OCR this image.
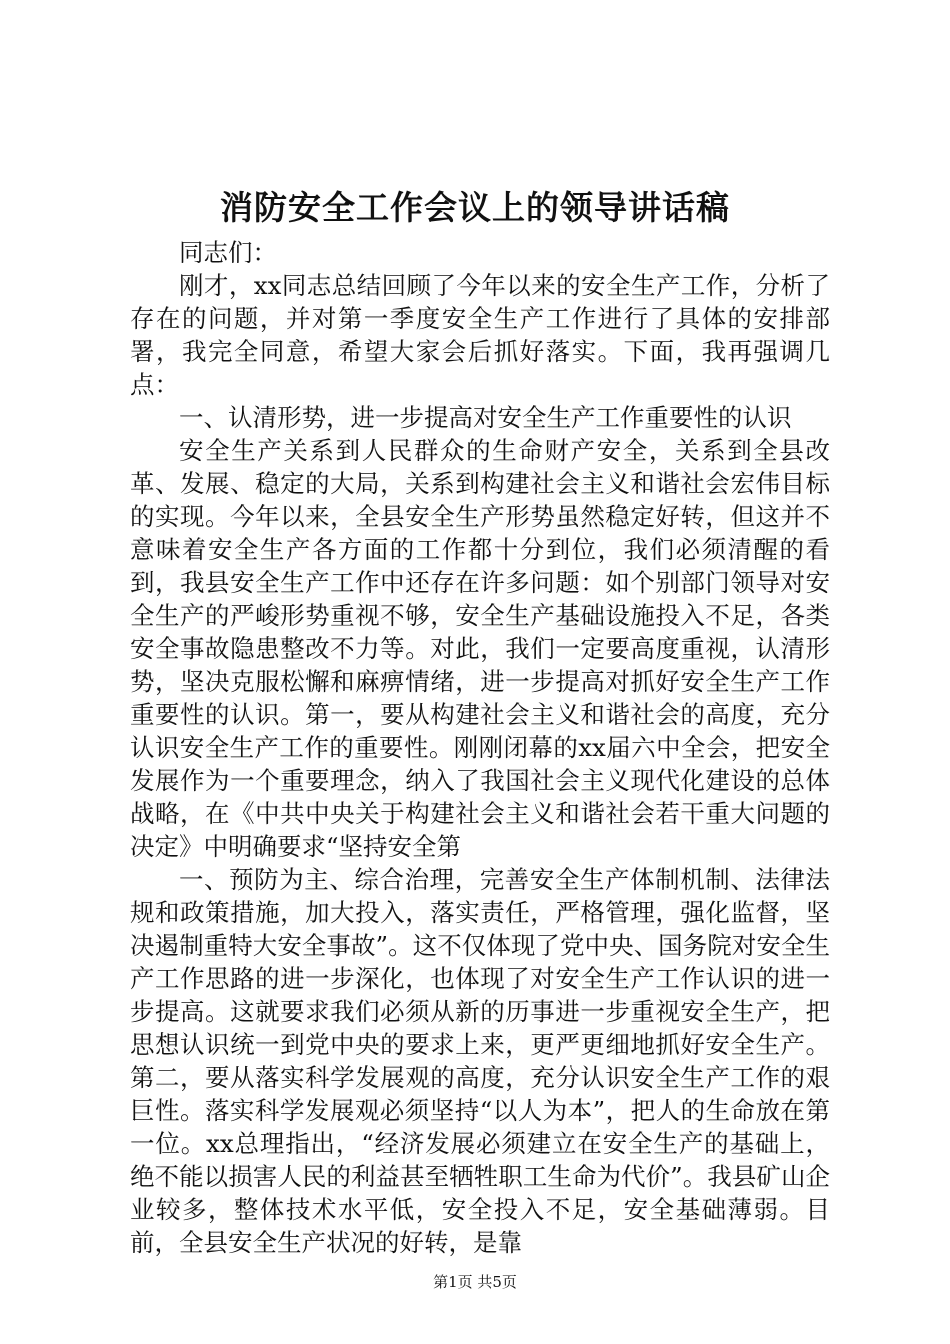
消防安全工作会议上的领导讲话稿

同志们：

刚才，xx同志总结回顾了今年以来的安全生产工作，分析了存在的问题，并对第一季度安全生产工作进行了具体的安排部署，我完全同意，希望大家会后抓好落实。下面，我再强调几点：

一、认清形势，进一步提高对安全生产工作重要性的认识

安全生产关系到人民群众的生命财产安全，关系到全县改革、发展、稳定的大局，关系到构建社会主义和谐社会宏伟目标的实现。今年以来，全县安全生产形势虽然稳定好转，但这并不意味着安全生产各方面的工作都十分到位，我们必须清醒的看到，我县安全生产工作中还存在许多问题：如个别部门领导对安全生产的严峻形势重视不够，安全生产基础设施投入不足，各类安全事故隐患整改不力等。对此，我们一定要高度重视，认清形势，坚决克服松懈和麻痹情绪，进一步提高对抓好安全生产工作重要性的认识。第一，要从构建社会主义和谐社会的高度，充分认识安全生产工作的重要性。刚刚闭幕的xx届六中全会，把安全发展作为一个重要理念，纳入了我国社会主义现代化建设的总体战略，在《中共中央关于构建社会主义和谐社会若干重大问题的决定》中明确要求“坚持安全第

一、预防为主、综合治理，完善安全生产体制机制、法律法规和政策措施，加大投入，落实责任，严格管理，强化监督，坚决遏制重特大安全事故”。这不仅体现了党中央、国务院对安全生产工作思路的进一步深化，也体现了对安全生产工作认识的进一步提高。这就要求我们必须从新的历事进一步重视安全生产，把思想认识统一到党中央的要求上来，更严更细地抓好安全生产。第二，要从落实科学发展观的高度，充分认识安全生产工作的艰巨性。落实科学发展观必须坚持“以人为本”，把人的生命放在第一位。xx总理指出，“经济发展必须建立在安全生产的基础上，绝不能以损害人民的利益甚至牺牲职工生命为代价”。我县矿山企业较多，整体技术水平低，安全投入不足，安全基础薄弱。目前，全县安全生产状况的好转，是靠

第1页 共5页
